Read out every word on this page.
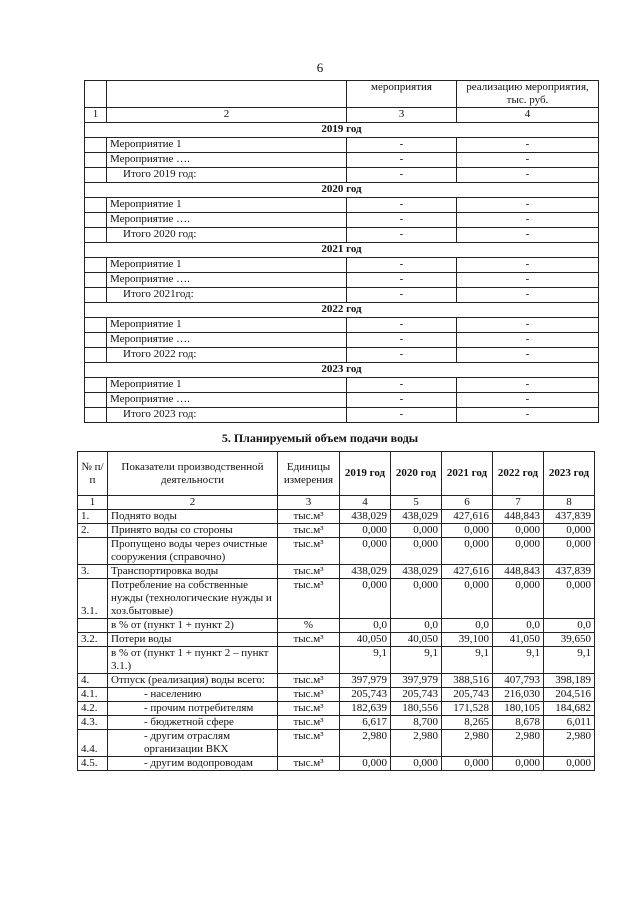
6
		мероприятия	реализацию мероприятия, тыс. руб.
1	2	3	4
2019 год			
	Мероприятие 1	-	-
	Мероприятие ….	-	-
	Итого 2019 год:	-	-
2020 год			
	Мероприятие 1	-	-
	Мероприятие ….	-	-
	Итого 2020 год:	-	-
2021 год			
	Мероприятие 1	-	-
	Мероприятие ….	-	-
	Итого 2021год:	-	-
2022 год			
	Мероприятие 1	-	-
	Мероприятие ….	-	-
	Итого 2022 год:	-	-
2023 год			
	Мероприятие 1	-	-
	Мероприятие ….	-	-
	Итого 2023 год:	-	-
5. Планируемый объем подачи воды
№ п/п	Показатели производственной деятельности	Единицы измерения	2019 год	2020 год	2021 год	2022 год	2023 год
1	2	3	4	5	6	7	8
1.	Поднято воды	тыс.м³	438,029	438,029	427,616	448,843	437,839
2.	Принято воды со стороны	тыс.м³	0,000	0,000	0,000	0,000	0,000
	Пропущено воды через очистные сооружения (справочно)	тыс.м³	0,000	0,000	0,000	0,000	0,000
3.	Транспортировка воды	тыс.м³	438,029	438,029	427,616	448,843	437,839
3.1.	Потребление на собственные нужды (технологические нужды и хоз.бытовые)	тыс.м³	0,000	0,000	0,000	0,000	0,000
	в % от (пункт 1 + пункт 2)	%	0,0	0,0	0,0	0,0	0,0
3.2.	Потери воды	тыс.м³	40,050	40,050	39,100	41,050	39,650
	в % от (пункт 1 + пункт 2 – пункт 3.1.)		9,1	9,1	9,1	9,1	9,1
4.	Отпуск (реализация) воды всего:	тыс.м³	397,979	397,979	388,516	407,793	398,189
4.1.	- населению	тыс.м³	205,743	205,743	205,743	216,030	204,516
4.2.	- прочим потребителям	тыс.м³	182,639	180,556	171,528	180,105	184,682
4.3.	- бюджетной сфере	тыс.м³	6,617	8,700	8,265	8,678	6,011
4.4.	- другим отраслям организации ВКХ	тыс.м³	2,980	2,980	2,980	2,980	2,980
4.5.	- другим водопроводам	тыс.м³	0,000	0,000	0,000	0,000	0,000
